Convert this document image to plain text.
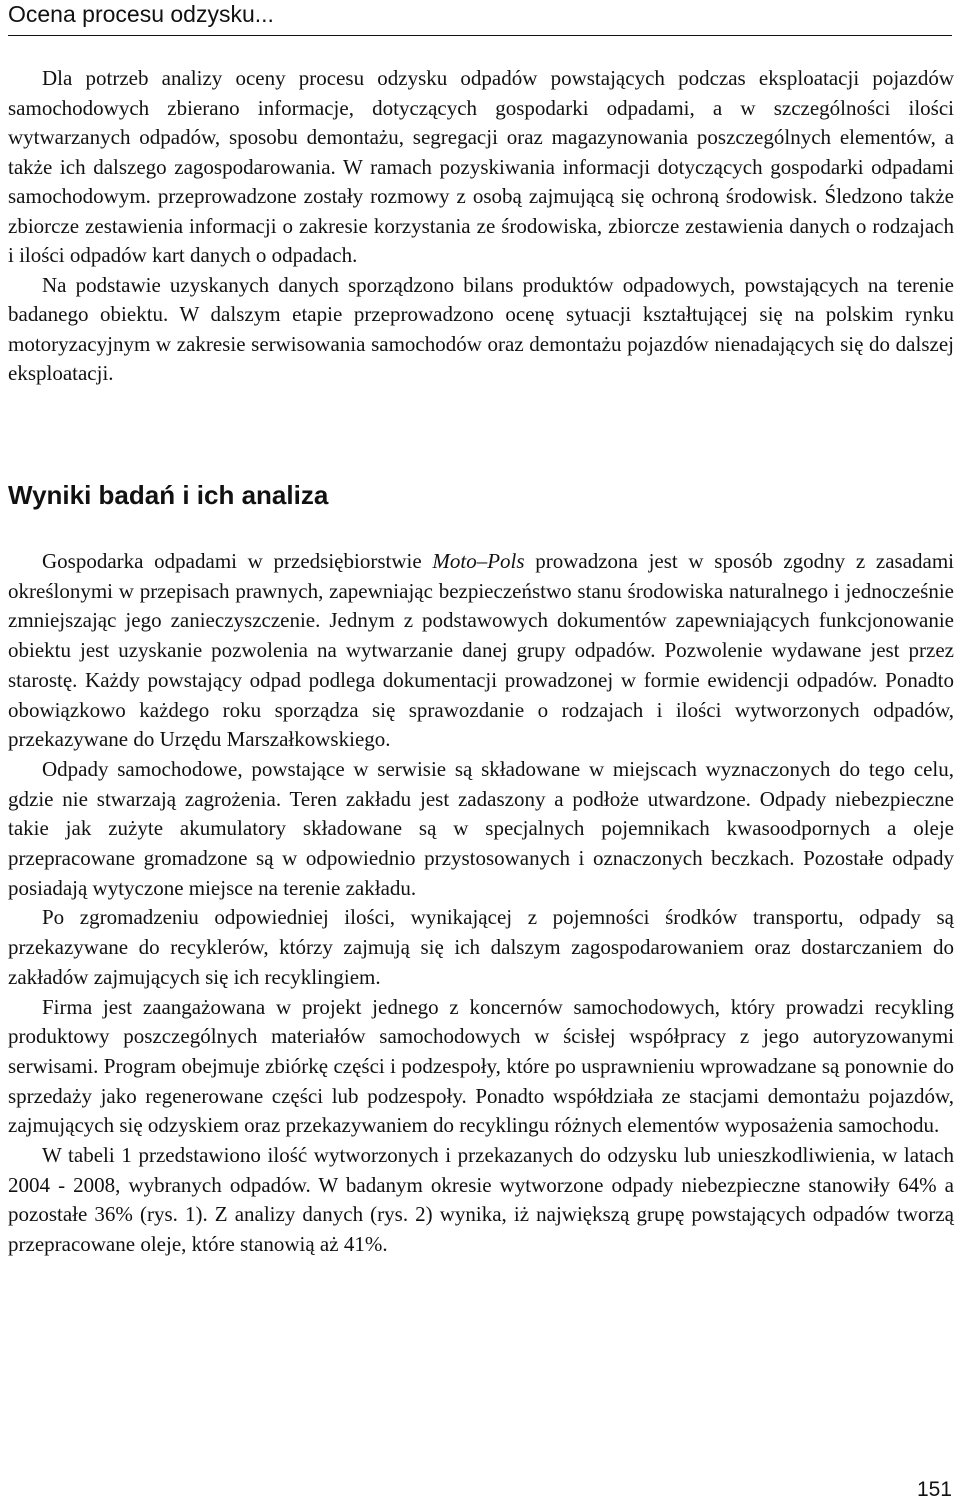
Ocena procesu odzysku...

Dla potrzeb analizy oceny procesu odzysku odpadów powstających podczas eksploatacji pojazdów samochodowych zbierano informacje, dotyczących gospodarki odpadami, a w szczególności ilości wytwarzanych odpadów, sposobu demontażu, segregacji oraz magazynowania poszczególnych elementów, a także ich dalszego zagospodarowania. W ramach pozyskiwania informacji dotyczących gospodarki odpadami samochodowym. przeprowadzone zostały rozmowy z osobą zajmującą się ochroną środowisk. Śledzono także zbiorcze zestawienia informacji o zakresie korzystania ze środowiska, zbiorcze zestawienia danych o rodzajach i ilości odpadów kart danych o odpadach.

Na podstawie uzyskanych danych sporządzono bilans produktów odpadowych, powstających na terenie badanego obiektu. W dalszym etapie przeprowadzono ocenę sytuacji kształtującej się na polskim rynku motoryzacyjnym w zakresie serwisowania samochodów oraz demontażu pojazdów nienadających się do dalszej eksploatacji.

Wyniki badań i ich analiza

Gospodarka odpadami w przedsiębiorstwie Moto–Pols prowadzona jest w sposób zgodny z zasadami określonymi w przepisach prawnych, zapewniając bezpieczeństwo stanu środowiska naturalnego i jednocześnie zmniejszając jego zanieczyszczenie. Jednym z podstawowych dokumentów zapewniających funkcjonowanie obiektu jest uzyskanie pozwolenia na wytwarzanie danej grupy odpadów. Pozwolenie wydawane jest przez starostę. Każdy powstający odpad podlega dokumentacji prowadzonej w formie ewidencji odpadów. Ponadto obowiązkowo każdego roku sporządza się sprawozdanie o rodzajach i ilości wytworzonych odpadów, przekazywane do Urzędu Marszałkowskiego.

Odpady samochodowe, powstające w serwisie są składowane w miejscach wyznaczonych do tego celu, gdzie nie stwarzają zagrożenia. Teren zakładu jest zadaszony a podłoże utwardzone. Odpady niebezpieczne takie jak zużyte akumulatory składowane są w specjalnych pojemnikach kwasoodpornych a oleje przepracowane gromadzone są w odpowiednio przystosowanych i oznaczonych beczkach. Pozostałe odpady posiadają wytyczone miejsce na terenie zakładu.

Po zgromadzeniu odpowiedniej ilości, wynikającej z pojemności środków transportu, odpady są przekazywane do recyklerów, którzy zajmują się ich dalszym zagospodarowaniem oraz dostarczaniem do zakładów zajmujących się ich recyklingiem.

Firma jest zaangażowana w projekt jednego z koncernów samochodowych, który prowadzi recykling produktowy poszczególnych materiałów samochodowych w ścisłej współpracy z jego autoryzowanymi serwisami. Program obejmuje zbiórkę części i podzespoły, które po usprawnieniu wprowadzane są ponownie do sprzedaży jako regenerowane części lub podzespoły. Ponadto współdziała ze stacjami demontażu pojazdów, zajmujących się odzyskiem oraz przekazywaniem do recyklingu różnych elementów wyposażenia samochodu.

W tabeli 1 przedstawiono ilość wytworzonych i przekazanych do odzysku lub unieszkodliwienia, w latach 2004 - 2008, wybranych odpadów. W badanym okresie wytworzone odpady niebezpieczne stanowiły 64% a pozostałe 36% (rys. 1). Z analizy danych (rys. 2) wynika, iż największą grupę powstających odpadów tworzą przepracowane oleje, które stanowią aż 41%.

151
